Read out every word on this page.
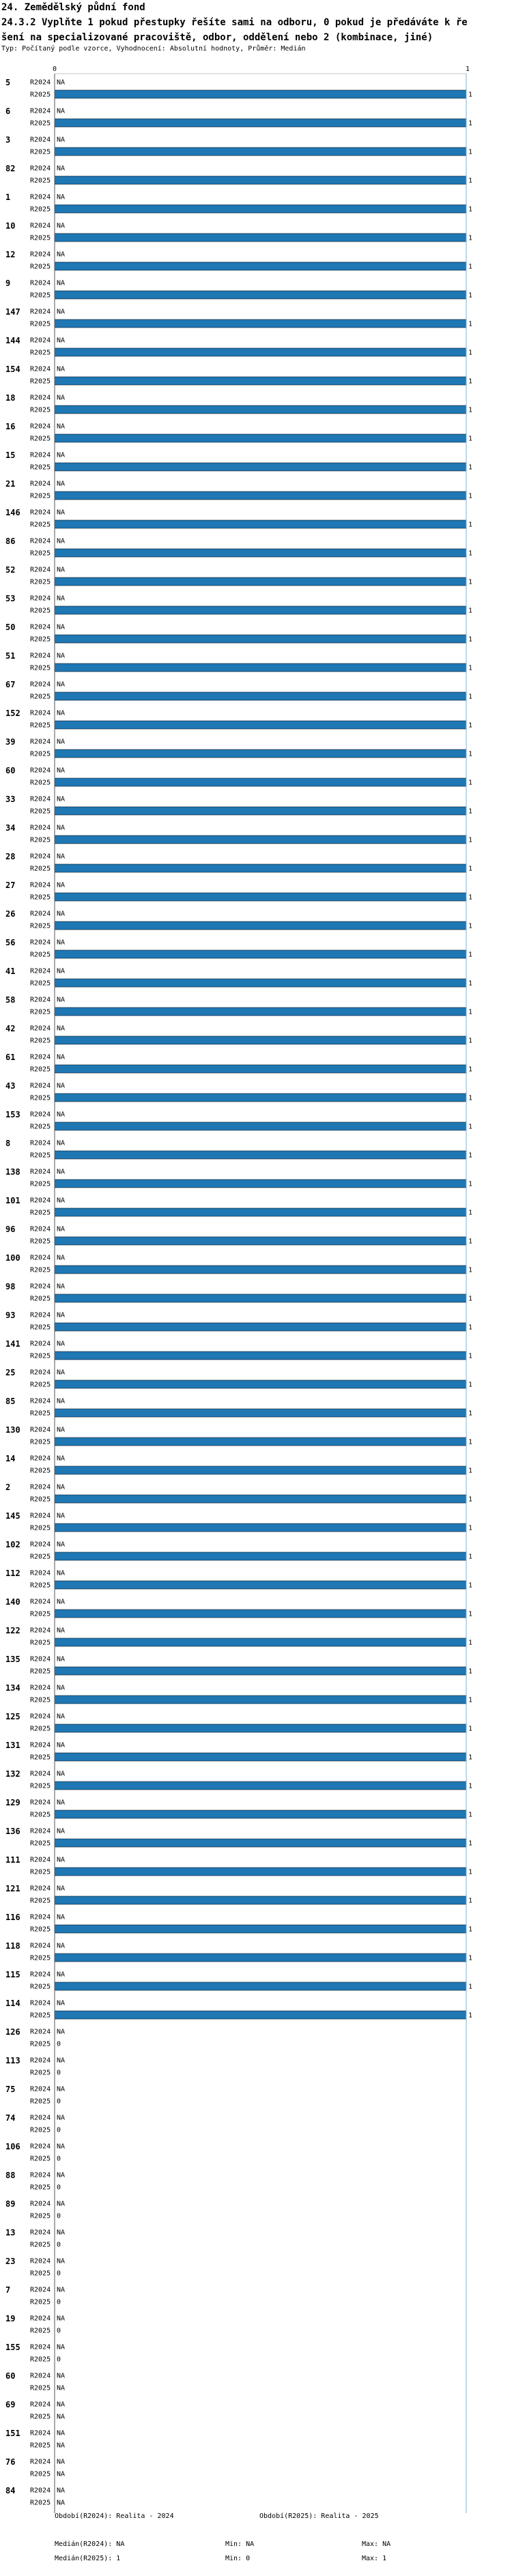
24. Zemědělský půdní fond
24.3.2 Vyplňte 1 pokud přestupky řešíte sami na odboru, 0 pokud je předáváte k ře
šení na specializované pracoviště, odbor, oddělení nebo 2 (kombinace, jiné)
Typ: Počítaný podle vzorce, Vyhodnocení: Absolutní hodnoty, Průměr: Medián
0	1
5	R2024 NA
R2025	1
6	R2024 NA
R2025	1
3	R2024 NA
R2025	1
82 R2024 NA
R2025	1
1	R2024 NA
R2025	1
10 R2024 NA
R2025	1
12 R2024 NA
R2025	1
9	R2024 NA
R2025	1
147 R2024 NA
R2025	1
144 R2024 NA
R2025	1
154 R2024 NA
R2025	1
18 R2024 NA
R2025	1
16 R2024 NA
R2025	1
15 R2024 NA
R2025	1
21 R2024 NA
R2025	1
146 R2024 NA
R2025	1
86 R2024 NA
R2025	1
52 R2024 NA
R2025	1
53 R2024 NA
R2025	1
50 R2024 NA
R2025	1
51 R2024 NA
R2025	1
67 R2024 NA
R2025	1
152 R2024 NA
R2025	1
39 R2024 NA
R2025	1
60 R2024 NA
R2025	1
33 R2024 NA
R2025	1
34 R2024 NA
R2025	1
28 R2024 NA
R2025	1
27 R2024 NA
R2025	1
26 R2024 NA
R2025	1
56 R2024 NA
R2025	1
41 R2024 NA
R2025	1
58 R2024 NA
R2025	1
42 R2024 NA
R2025	1
61 R2024 NA
R2025	1
43 R2024 NA
R2025	1
153 R2024 NA
R2025	1
8	R2024 NA
R2025	1
138 R2024 NA
R2025	1
101 R2024 NA
R2025	1
96 R2024 NA
R2025	1
100 R2024 NA
R2025	1
98 R2024 NA
R2025	1
93 R2024 NA
R2025	1
141 R2024 NA
R2025	1
25 R2024 NA
R2025	1
85 R2024 NA
R2025	1
130 R2024 NA
R2025	1
14 R2024 NA
R2025	1
2	R2024 NA
R2025	1
145 R2024 NA
R2025	1
102 R2024 NA
R2025	1
112 R2024 NA
R2025	1
140 R2024 NA
R2025	1
122 R2024 NA
R2025	1
135 R2024 NA
R2025	1
134 R2024 NA
R2025	1
125 R2024 NA
R2025	1
131 R2024 NA
R2025	1
132 R2024 NA
R2025	1
129 R2024 NA
R2025	1
136 R2024 NA
R2025	1
111 R2024 NA
R2025	1
121 R2024 NA
R2025	1
116 R2024 NA
R2025	1
118 R2024 NA
R2025	1
115 R2024 NA
R2025	1
114 R2024 NA
R2025	1
126 R2024 NA
R2025 0
113 R2024 NA
R2025 0
75 R2024 NA
R2025 0
74 R2024 NA
R2025 0
106 R2024 NA
R2025 0
88 R2024 NA
R2025 0
89 R2024 NA
R2025 0
13 R2024 NA
R2025 0
23 R2024 NA
R2025 0
7	R2024 NA
R2025 0
19 R2024 NA
R2025 0
155 R2024 NA
R2025 0
60 R2024 NA
R2025 NA
69 R2024 NA
R2025 NA
151 R2024 NA
R2025 NA
76 R2024 NA
R2025 NA
84 R2024 NA
R2025 NA
Období(R2024): Realita - 2024	Období(R2025): Realita - 2025
Medián(R2024): NA	Min: NA	Max: NA
Medián(R2025): 1	Min: 0	Max: 1
